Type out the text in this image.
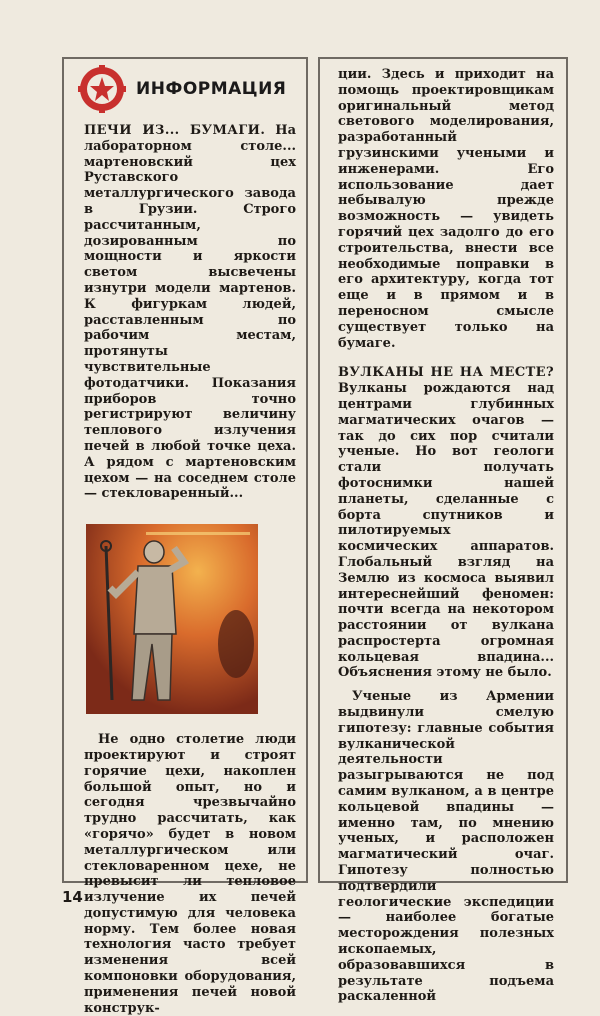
ИНФОРМАЦИЯ

ПЕЧИ ИЗ... БУМАГИ. На лабораторном столе... мартеновский цех Руставского металлургического завода в Грузии. Строго рассчитанным, дозированным по мощности и яркости светом высвечены изнутри модели мартенов. К фигуркам людей, расставленным по рабочим местам, протянуты чувствительные фотодатчики. Показания приборов точно регистрируют величину теплового излучения печей в любой точке цеха. А рядом с мартеновским цехом — на соседнем столе — стекловаренный...

Не одно столетие люди проектируют и строят горячие цехи, накоплен большой опыт, но и сегодня чрезвычайно трудно рассчитать, как «горячо» будет в новом металлургическом или стекловаренном цехе, не превысит ли тепловое излучение их печей допустимую для человека норму. Тем более новая технология часто требует изменения всей компоновки оборудования, применения печей новой конструк-

ции. Здесь и приходит на помощь проектировщикам оригинальный метод светового моделирования, разработанный грузинскими учеными и инженерами. Его использование дает небывалую прежде возможность — увидеть горячий цех задолго до его строительства, внести все необходимые поправки в его архитектуру, когда тот еще и в прямом и в переносном смысле существует только на бумаге.

ВУЛКАНЫ НЕ НА МЕСТЕ? Вулканы рождаются над центрами глубинных магматических очагов — так до сих пор считали ученые. Но вот геологи стали получать фотоснимки нашей планеты, сделанные с борта спутников и пилотируемых космических аппаратов. Глобальный взгляд на Землю из космоса выявил интереснейший феномен: почти всегда на некотором расстоянии от вулкана распростерта огромная кольцевая впадина... Объяснения этому не было.

Ученые из Армении выдвинули смелую гипотезу: главные события вулканической деятельности разыгрываются не под самим вулканом, а в центре кольцевой впадины — именно там, по мнению ученых, и расположен магматический очаг. Гипотезу полностью подтвердили геологические экспедиции — наиболее богатые месторождения полезных ископаемых, образовавшихся в результате подъема раскаленной

14
